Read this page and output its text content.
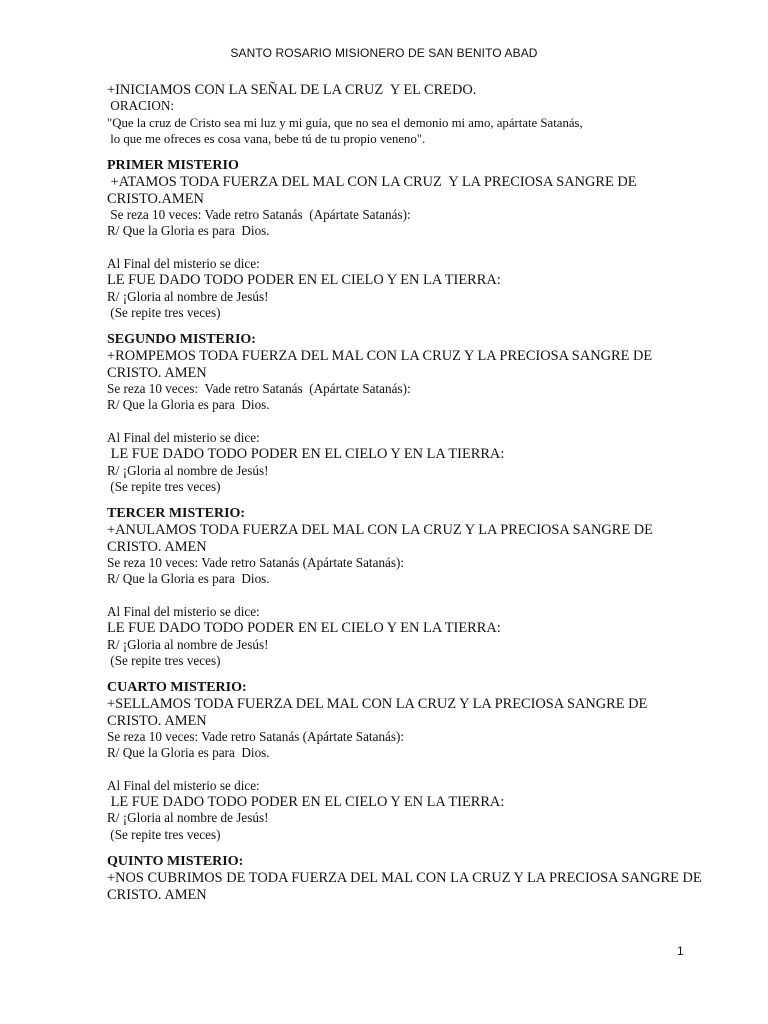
SANTO ROSARIO MISIONERO DE SAN BENITO ABAD
+INICIAMOS CON LA SEÑAL DE LA CRUZ  Y EL CREDO.
ORACION:
"Que la cruz de Cristo sea mi luz y mi guía, que no sea el demonio mi amo, apártate Satanás,
lo que me ofreces es cosa vana, bebe tú de tu propio veneno".
PRIMER MISTERIO
+ATAMOS TODA FUERZA DEL MAL CON LA CRUZ  Y LA PRECIOSA SANGRE DE
CRISTO.AMEN
Se reza 10 veces: Vade retro Satanás  (Apártate Satanás):
R/ Que la Gloria es para  Dios.
Al Final del misterio se dice:
LE FUE DADO TODO PODER EN EL CIELO Y EN LA TIERRA:
R/ ¡Gloria al nombre de Jesús!
(Se repite tres veces)
SEGUNDO MISTERIO:
+ROMPEMOS TODA FUERZA DEL MAL CON LA CRUZ Y LA PRECIOSA SANGRE DE
CRISTO. AMEN
Se reza 10 veces:  Vade retro Satanás  (Apártate Satanás):
R/ Que la Gloria es para  Dios.
Al Final del misterio se dice:
LE FUE DADO TODO PODER EN EL CIELO Y EN LA TIERRA:
R/ ¡Gloria al nombre de Jesús!
(Se repite tres veces)
TERCER MISTERIO:
+ANULAMOS TODA FUERZA DEL MAL CON LA CRUZ Y LA PRECIOSA SANGRE DE
CRISTO. AMEN
Se reza 10 veces: Vade retro Satanás (Apártate Satanás):
R/ Que la Gloria es para  Dios.
Al Final del misterio se dice:
LE FUE DADO TODO PODER EN EL CIELO Y EN LA TIERRA:
R/ ¡Gloria al nombre de Jesús!
(Se repite tres veces)
CUARTO MISTERIO:
+SELLAMOS TODA FUERZA DEL MAL CON LA CRUZ Y LA PRECIOSA SANGRE DE
CRISTO. AMEN
Se reza 10 veces: Vade retro Satanás (Apártate Satanás):
R/ Que la Gloria es para  Dios.
Al Final del misterio se dice:
LE FUE DADO TODO PODER EN EL CIELO Y EN LA TIERRA:
R/ ¡Gloria al nombre de Jesús!
(Se repite tres veces)
QUINTO MISTERIO:
+NOS CUBRIMOS DE TODA FUERZA DEL MAL CON LA CRUZ Y LA PRECIOSA SANGRE DE
CRISTO. AMEN
1
